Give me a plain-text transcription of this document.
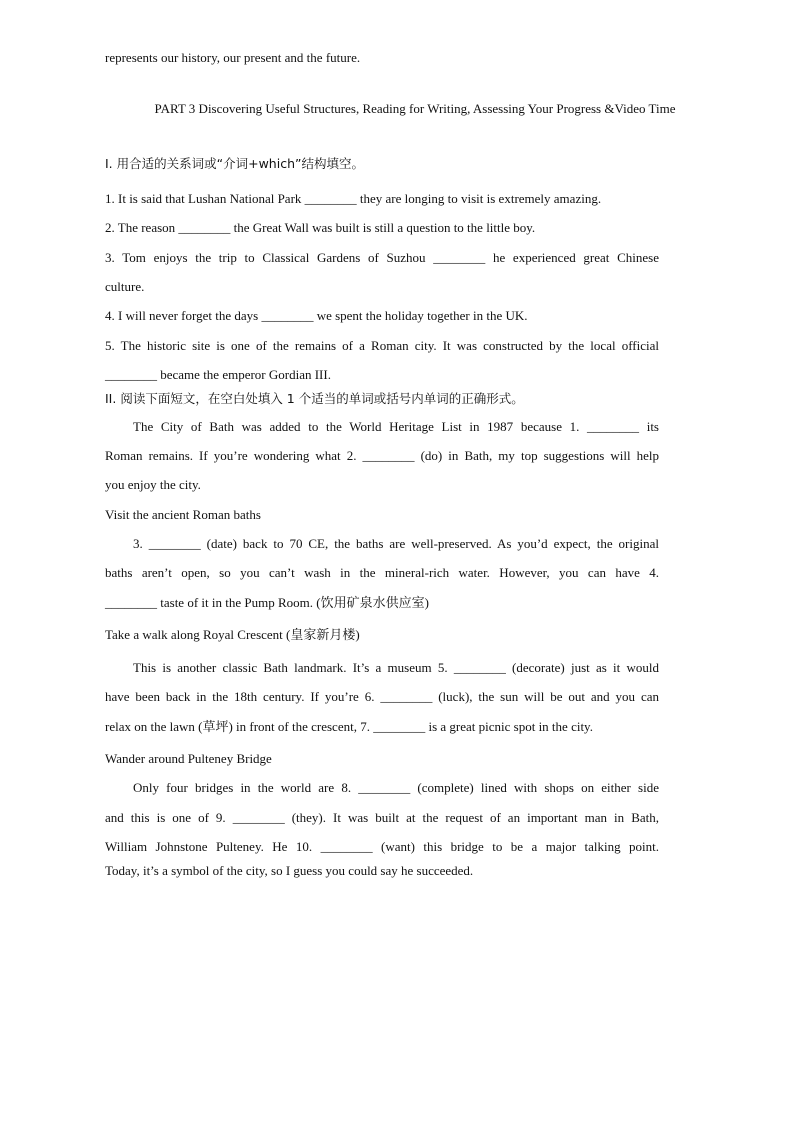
represents our history, our present and the future.
PART 3 Discovering Useful Structures, Reading for Writing, Assessing Your Progress &Video Time
I. 用合适的关系词或“介词+which”结构填空。
1. It is said that Lushan National Park ________ they are longing to visit is extremely amazing.
2. The reason ________ the Great Wall was built is still a question to the little boy.
3. Tom enjoys the trip to Classical Gardens of Suzhou ________ he experienced great Chinese
culture.
4. I will never forget the days ________ we spent the holiday together in the UK.
5. The historic site is one of the remains of a Roman city. It was constructed by the local official
________ became the emperor Gordian III.
II. 阅读下面短文，在空白处填入 1 个适当的单词或括号内单词的正确形式。
The City of Bath was added to the World Heritage List in 1987 because 1. ________ its
Roman remains. If you’re wondering what 2. ________ (do) in Bath, my top suggestions will help
you enjoy the city.
Visit the ancient Roman baths
3. ________ (date) back to 70 CE, the baths are well-preserved. As you’d expect, the original
baths aren’t open, so you can’t wash in the mineral-rich water. However, you can have 4.
________ taste of it in the Pump Room. (饮用矿泉水供应室)
Take a walk along Royal Crescent (皇家新月楼)
This is another classic Bath landmark. It’s a museum 5. ________ (decorate) just as it would
have been back in the 18th century. If you’re 6. ________ (luck), the sun will be out and you can
relax on the lawn (草坪) in front of the crescent, 7. ________ is a great picnic spot in the city.
Wander around Pulteney Bridge
Only four bridges in the world are 8. ________ (complete) lined with shops on either side
and this is one of 9. ________ (they). It was built at the request of an important man in Bath,
William Johnstone Pulteney. He 10. ________ (want) this bridge to be a major talking point.
Today, it’s a symbol of the city, so I guess you could say he succeeded.
